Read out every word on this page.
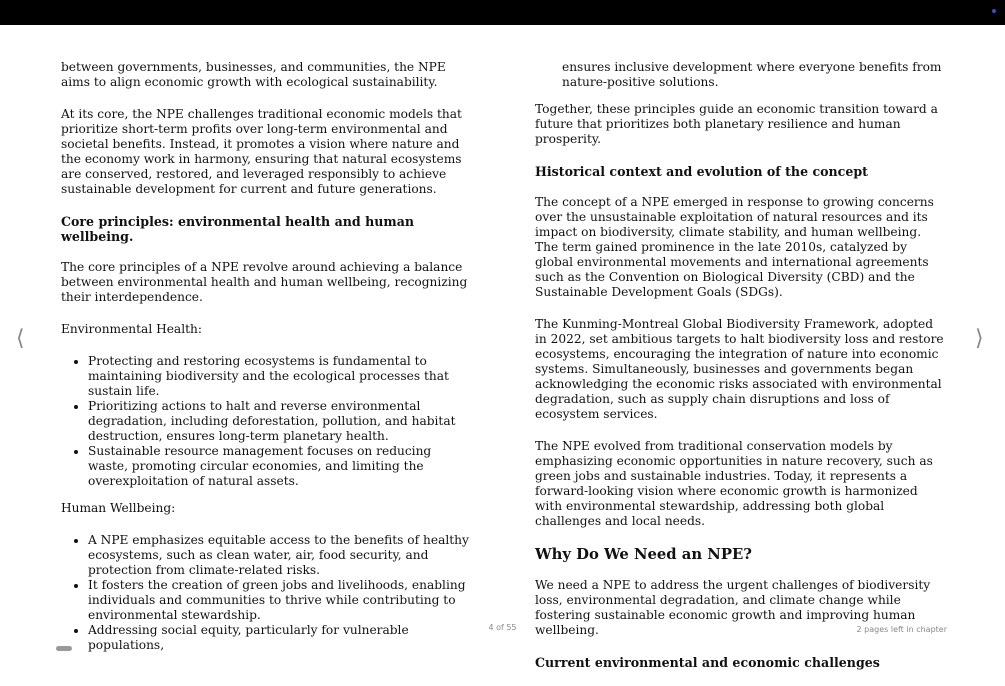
⟨	⟩

between governments, businesses, and communities, the NPE aims to align economic growth with ecological sustainability.

At its core, the NPE challenges traditional economic models that prioritize short-term profits over long-term environmental and societal benefits. Instead, it promotes a vision where nature and the economy work in harmony, ensuring that natural ecosystems are conserved, restored, and leveraged responsibly to achieve sustainable development for current and future generations.

Core principles: environmental health and human wellbeing.

The core principles of a NPE revolve around achieving a balance between environmental health and human wellbeing, recognizing their interdependence.

Environmental Health:
• Protecting and restoring ecosystems is fundamental to maintaining biodiversity and the ecological processes that sustain life.
• Prioritizing actions to halt and reverse environmental degradation, including deforestation, pollution, and habitat destruction, ensures long-term planetary health.
• Sustainable resource management focuses on reducing waste, promoting circular economies, and limiting the overexploitation of natural assets.
Human Wellbeing:
• A NPE emphasizes equitable access to the benefits of healthy ecosystems, such as clean water, air, food security, and protection from climate-related risks.
• It fosters the creation of green jobs and livelihoods, enabling individuals and communities to thrive while contributing to environmental stewardship.
• Addressing social equity, particularly for vulnerable populations,
ensures inclusive development where everyone benefits from nature-positive solutions.

Together, these principles guide an economic transition toward a future that prioritizes both planetary resilience and human prosperity.

Historical context and evolution of the concept

The concept of a NPE emerged in response to growing concerns over the unsustainable exploitation of natural resources and its impact on biodiversity, climate stability, and human wellbeing. The term gained prominence in the late 2010s, catalyzed by global environmental movements and international agreements such as the Convention on Biological Diversity (CBD) and the Sustainable Development Goals (SDGs).

The Kunming-Montreal Global Biodiversity Framework, adopted in 2022, set ambitious targets to halt biodiversity loss and restore ecosystems, encouraging the integration of nature into economic systems. Simultaneously, businesses and governments began acknowledging the economic risks associated with environmental degradation, such as supply chain disruptions and loss of ecosystem services.

The NPE evolved from traditional conservation models by emphasizing economic opportunities in nature recovery, such as green jobs and sustainable industries. Today, it represents a forward-looking vision where economic growth is harmonized with environmental stewardship, addressing both global challenges and local needs.

Why Do We Need an NPE?

We need a NPE to address the urgent challenges of biodiversity loss, environmental degradation, and climate change while fostering sustainable economic growth and improving human wellbeing.

Current environmental and economic challenges
4 of 55	2 pages left in chapter
